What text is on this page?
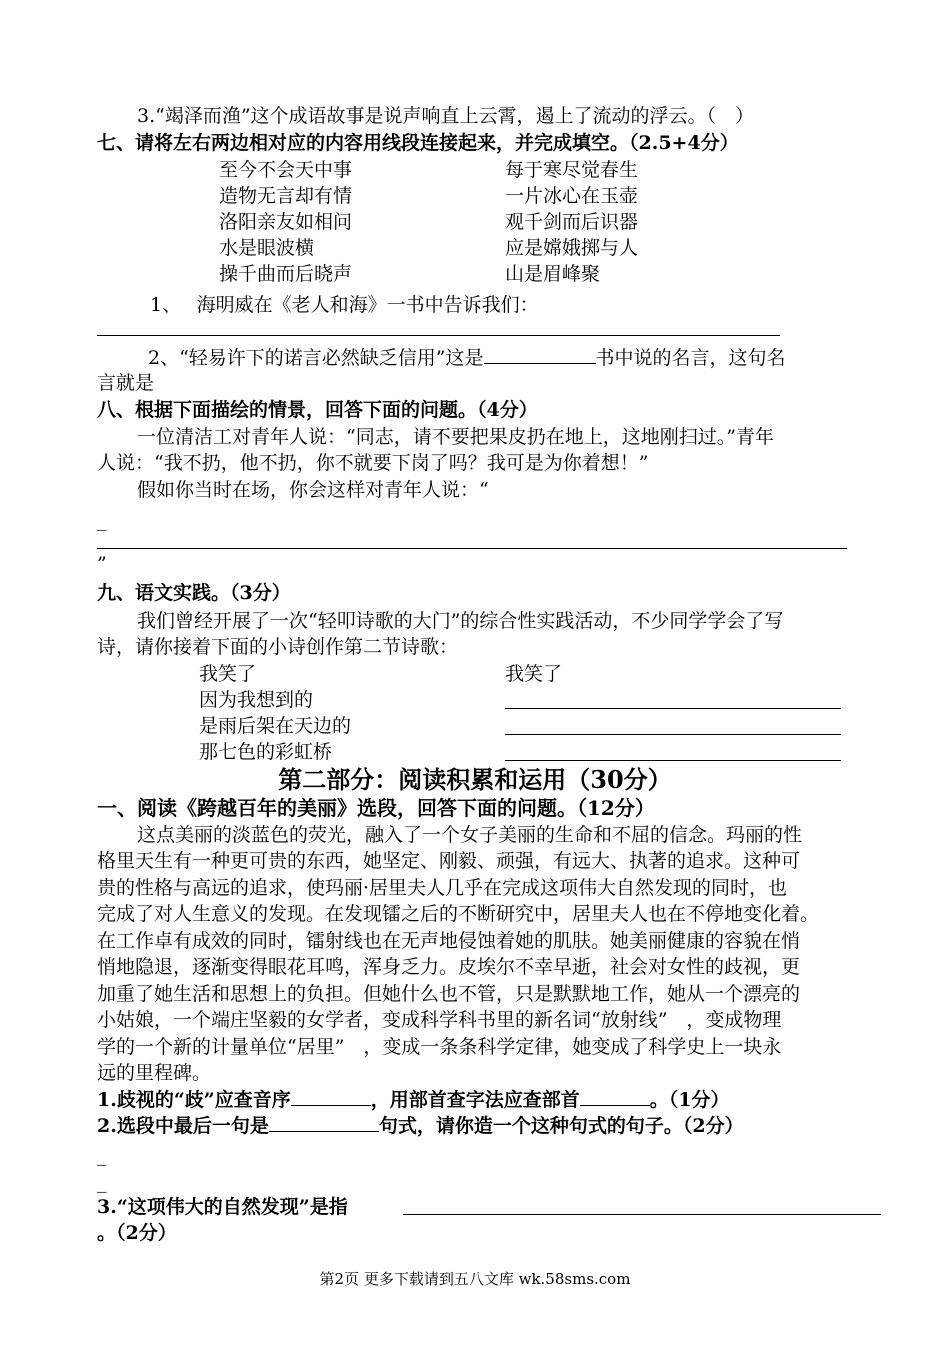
3.“竭泽而渔”这个成语故事是说声响直上云霄，遏上了流动的浮云。（　）
七、请将左右两边相对应的内容用线段连接起来，并完成填空。（2.5+4分）
至今不会天中事
造物无言却有情
洛阳亲友如相问
水是眼波横
操千曲而后晓声
每于寒尽觉春生
一片冰心在玉壶
观千剑而后识器
应是嫦娥掷与人
山是眉峰聚
1、　 海明威在《老人和海》一书中告诉我们：
2、“轻易许下的诺言必然缺乏信用”这是	书中说的名言，这句名
言就是
八、根据下面描绘的情景，回答下面的问题。（4分）
一位清洁工对青年人说：“同志，请不要把果皮扔在地上，这地刚扫过。”青年
人说：“我不扔，他不扔，你不就要下岗了吗？我可是为你着想！”
假如你当时在场，你会这样对青年人说：“
_
”
九、语文实践。（3分）
我们曾经开展了一次“轻叩诗歌的大门”的综合性实践活动，不少同学学会了写
诗，请你接着下面的小诗创作第二节诗歌：
我笑了
因为我想到的
是雨后架在天边的
那七色的彩虹桥
我笑了
第二部分：阅读积累和运用（30分）
一、阅读《跨越百年的美丽》选段，回答下面的问题。（12分）
这点美丽的淡蓝色的荧光，融入了一个女子美丽的生命和不屈的信念。玛丽的性
格里天生有一种更可贵的东西，她坚定、刚毅、顽强，有远大、执著的追求。这种可
贵的性格与高远的追求，使玛丽·居里夫人几乎在完成这项伟大自然发现的同时，也
完成了对人生意义的发现。在发现镭之后的不断研究中，居里夫人也在不停地变化着。
在工作卓有成效的同时，镭射线也在无声地侵蚀着她的肌肤。她美丽健康的容貌在悄
悄地隐退，逐渐变得眼花耳鸣，浑身乏力。皮埃尔不幸早逝，社会对女性的歧视，更
加重了她生活和思想上的负担。但她什么也不管，只是默默地工作，她从一个漂亮的
小姑娘，一个端庄坚毅的女学者，变成科学科书里的新名词“放射线”　，变成物理
学的一个新的计量单位“居里”　，变成一条条科学定律，她变成了科学史上一块永
远的里程碑。
1.歧视的“歧”应查音序	，用部首查字法应查部首	。（1分）
2.选段中最后一句是	句式，请你造一个这种句式的句子。（2分）
_
_
3.“这项伟大的自然发现”是指
。（2分）
第2页 更多下载请到五八文库 wk.58sms.com
